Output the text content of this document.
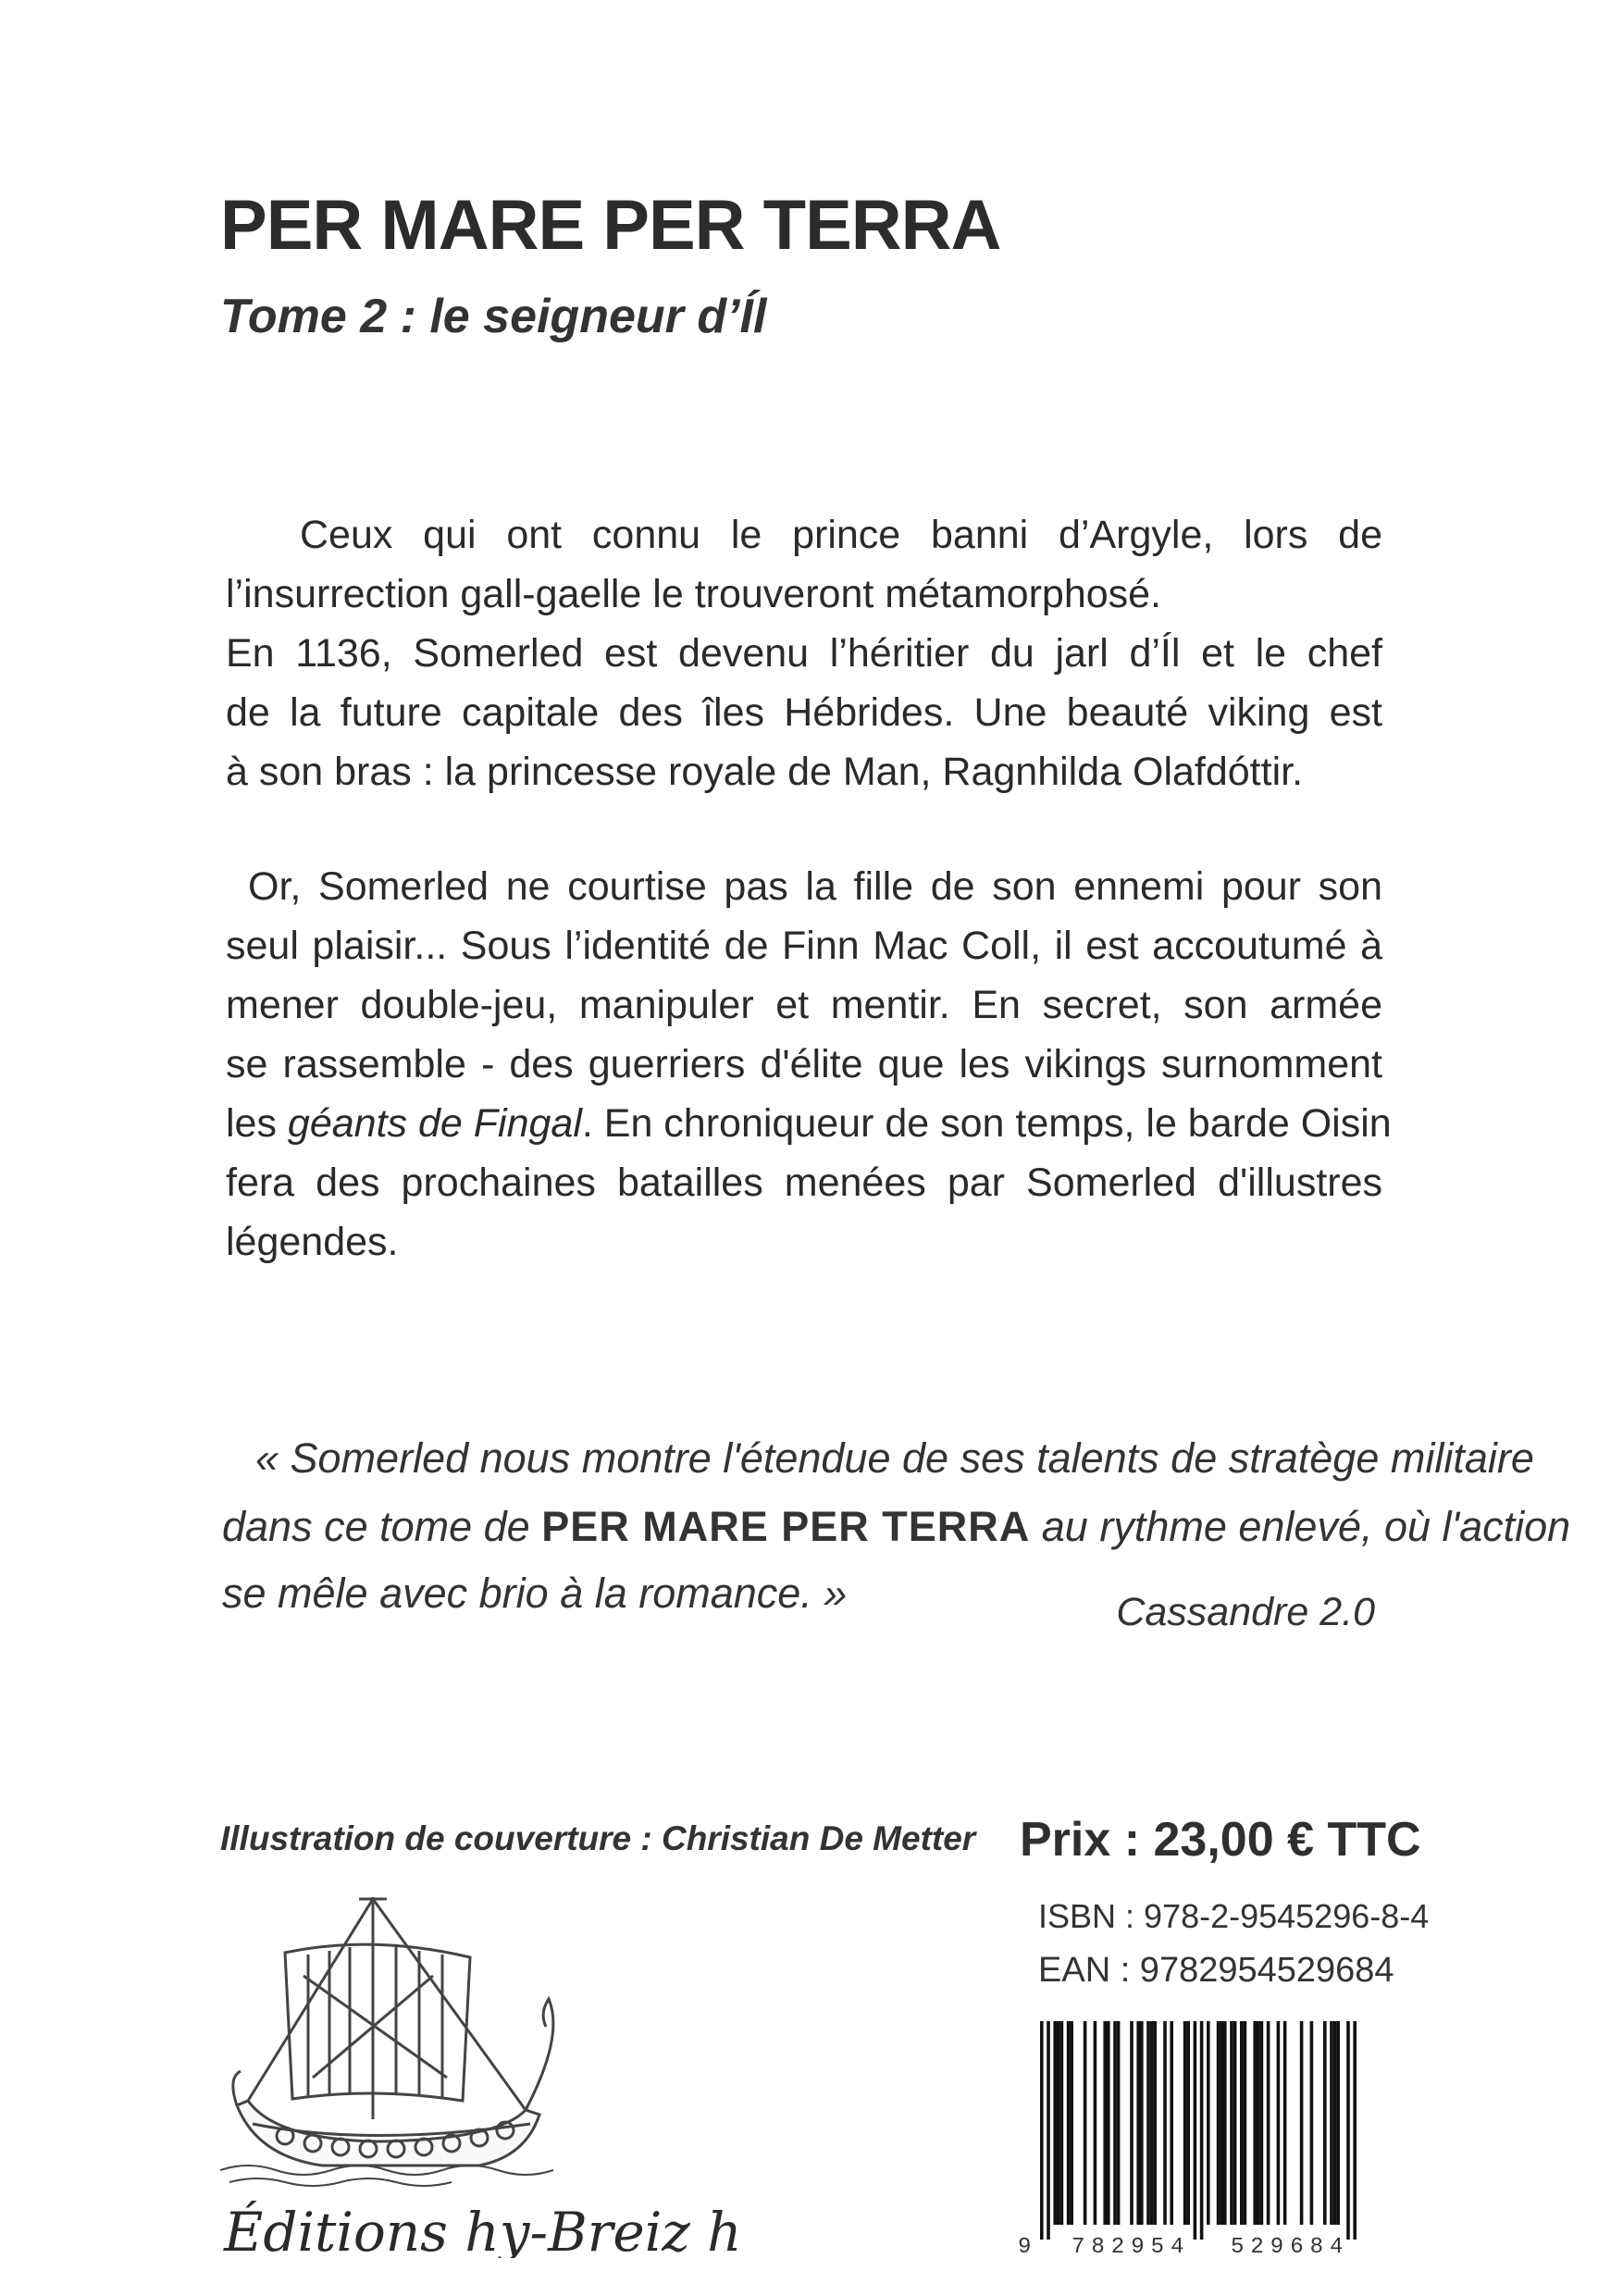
PER MARE PER TERRA
Tome 2 : le seigneur d’Íl
Ceux qui ont connu le prince banni d’Argyle, lors de
l’insurrection gall-gaelle le trouveront métamorphosé.
En 1136, Somerled est devenu l’héritier du jarl d’Íl et le chef
de la future capitale des îles Hébrides. Une beauté viking est
à son bras : la princesse royale de Man, Ragnhilda Olafdóttir.
Or, Somerled ne courtise pas la fille de son ennemi pour son
seul plaisir... Sous l’identité de Finn Mac Coll, il est accoutumé à
mener double-jeu, manipuler et mentir. En secret, son armée
se rassemble - des guerriers d'élite que les vikings surnomment
les géants de Fingal. En chroniqueur de son temps, le barde Oisin
fera des prochaines batailles menées par Somerled d'illustres
légendes.
« Somerled nous montre l'étendue de ses talents de stratège militaire
dans ce tome de PER MARE PER TERRA au rythme enlevé, où l'action
se mêle avec brio à la romance. »	Cassandre 2.0
Illustration de couverture : Christian De Metter Prix : 23,00 € TTC
ISBN : 978-2-9545296-8-4
EAN : 9782954529684
Éditions hy-Breiz hil	9 782954 529684
